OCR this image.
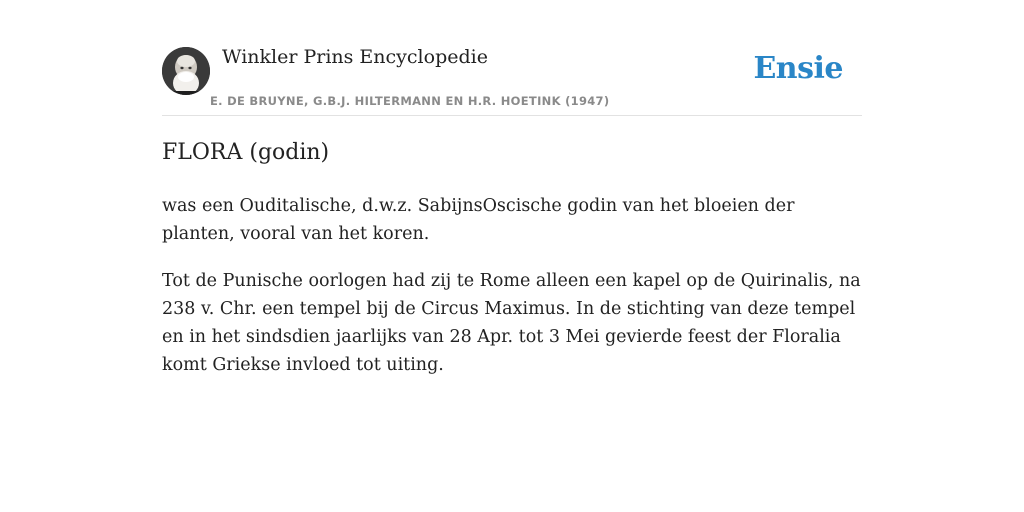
Winkler Prins Encyclopedie
E. DE BRUYNE, G.B.J. HILTERMANN EN H.R. HOETINK (1947)
Ensie
FLORA (godin)

was een Ouditalische, d.w.z. SabijnsOscische godin van het bloeien der planten, vooral van het koren.

Tot de Punische oorlogen had zij te Rome alleen een kapel op de Quirinalis, na 238 v. Chr. een tempel bij de Circus Maximus. In de stichting van deze tempel en in het sindsdien jaarlijks van 28 Apr. tot 3 Mei gevierde feest der Floralia komt Griekse invloed tot uiting.
